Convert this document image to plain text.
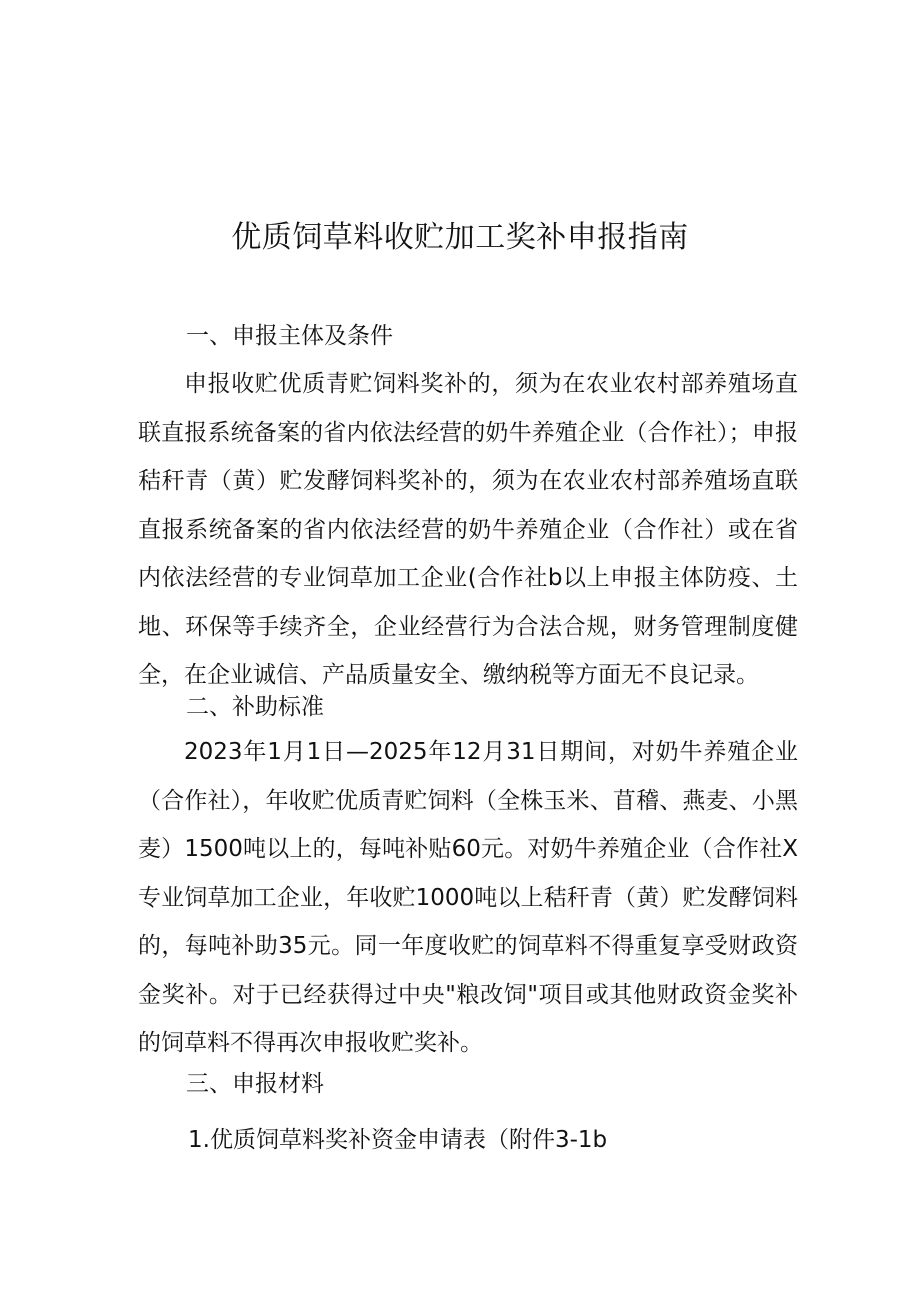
优质饲草料收贮加工奖补申报指南
一、申报主体及条件

申报收贮优质青贮饲料奖补的，须为在农业农村部养殖场直联直报系统备案的省内依法经营的奶牛养殖企业（合作社）；申报秸秆青（黄）贮发酵饲料奖补的，须为在农业农村部养殖场直联直报系统备案的省内依法经营的奶牛养殖企业（合作社）或在省内依法经营的专业饲草加工企业(合作社b以上申报主体防疫、土地、环保等手续齐全，企业经营行为合法合规，财务管理制度健全，在企业诚信、产品质量安全、缴纳税等方面无不良记录。

二、补助标准

2023年1月1日—2025年12月31日期间，对奶牛养殖企业（合作社），年收贮优质青贮饲料（全株玉米、苜稽、燕麦、小黑麦）1500吨以上的，每吨补贴60元。对奶牛养殖企业（合作社X专业饲草加工企业，年收贮1000吨以上秸秆青（黄）贮发酵饲料的，每吨补助35元。同一年度收贮的饲草料不得重复享受财政资金奖补。对于已经获得过中央"粮改饲"项目或其他财政资金奖补的饲草料不得再次申报收贮奖补。

三、申报材料

1.优质饲草料奖补资金申请表（附件3-1b
